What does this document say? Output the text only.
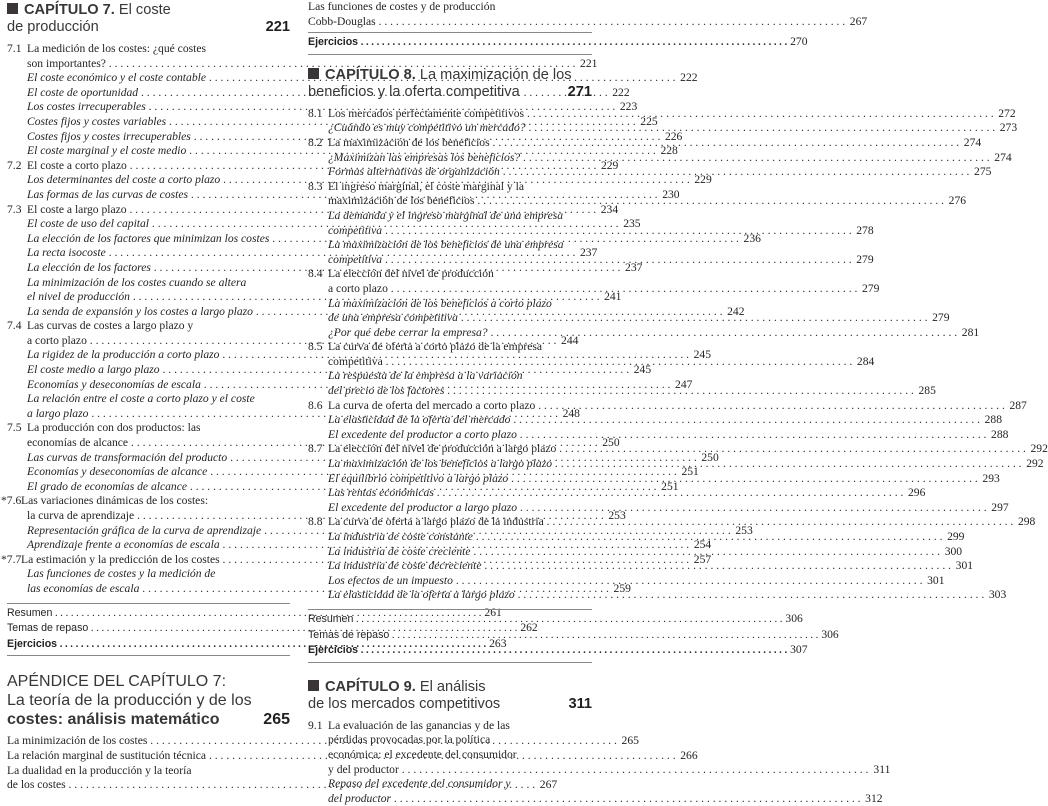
CAPÍTULO 7. El coste
de producción	221
7.1 La medición de los costes: ¿qué costes
son importantes? . . .	221
El coste económico y el coste contable . . .	222
El coste de oportunidad . . .	222
Los costes irrecuperables . . .	223
Costes fijos y costes variables . . .	225
Costes fijos y costes irrecuperables . . .	226
El coste marginal y el coste medio . . .	228
7.2 El coste a corto plazo . . .	229
Los determinantes del coste a corto plazo . . .	229
Las formas de las curvas de costes . . .	230
7.3 El coste a largo plazo . . .	234
El coste de uso del capital . . .	235
La elección de los factores que minimizan los costes . . .	236
La recta isocoste . . .	237
La elección de los factores . . .	237
La minimización de los costes cuando se altera
el nivel de producción . . .	241
La senda de expansión y los costes a largo plazo . . .	242
7.4 Las curvas de costes a largo plazo y
a corto plazo . . .	244
La rigidez de la producción a corto plazo . . .	245
El coste medio a largo plazo . . .	245
Economías y deseconomías de escala . . .	247
La relación entre el coste a corto plazo y el coste
a largo plazo . . .	248
7.5 La producción con dos productos: las
economías de alcance . . .	250
Las curvas de transformación del producto . . .	250
Economías y deseconomías de alcance . . .	251
El grado de economías de alcance . . .	251
*7.6 Las variaciones dinámicas de los costes:
la curva de aprendizaje . . .	253
Representación gráfica de la curva de aprendizaje . . .	253
Aprendizaje frente a economías de escala . . .	254
*7.7 La estimación y la predicción de los costes . . .	257
Las funciones de costes y la medición de
las economías de escala . . .	259
Resumen . . .	261
Temas de repaso . . .	262
Ejercicios . . .	263
APÉNDICE DEL CAPÍTULO 7:
La teoría de la producción y de los
costes: análisis matemático	265
La minimización de los costes . . .	265
La relación marginal de sustitución técnica . . .	266
La dualidad en la producción y la teoría
de los costes . . .	267
Las funciones de costes y de producción
Cobb-Douglas . . .	267
Ejercicios . . .	270
CAPÍTULO 8. La maximización de los
beneficios y la oferta competitiva	271
8.1 Los mercados perfectamente competitivos . . .	272
¿Cuándo es muy competitivo un mercado? . . .	273
8.2 La maximización de los beneficios . . .	274
¿Maximizan las empresas los beneficios? . . .	274
Formas alternativas de organización . . .	275
8.3 El ingreso marginal, el coste marginal y la
maximización de los beneficios . . .	276
La demanda y el ingreso marginal de una empresa
competitiva . . .	278
La maximización de los beneficios de una empresa
competitiva . . .	279
8.4 La elección del nivel de producción
a corto plazo . . .	279
La maximización de los beneficios a corto plazo
de una empresa competitiva . . .	279
¿Por qué debe cerrar la empresa? . . .	281
8.5 La curva de oferta a corto plazo de la empresa
competitiva . . .	284
La respuesta de la empresa a la variación
del precio de los factores . . .	285
8.6 La curva de oferta del mercado a corto plazo . . .	287
La elasticidad de la oferta del mercado . . .	288
El excedente del productor a corto plazo . . .	288
8.7 La elección del nivel de producción a largo plazo . . .	292
La maximización de los beneficios a largo plazo . . .	292
El equilibrio competitivo a largo plazo . . .	293
Las rentas económicas . . .	296
El excedente del productor a largo plazo . . .	297
8.8 La curva de oferta a largo plazo de la industria . . .	298
La industria de coste constante . . .	299
La industria de coste creciente . . .	300
La industria de coste decreciente . . .	301
Los efectos de un impuesto . . .	301
La elasticidad de la oferta a largo plazo . . .	303
Resumen . . .	306
Temas de repaso . . .	306
Ejercicios . . .	307
CAPÍTULO 9. El análisis
de los mercados competitivos	311
9.1 La evaluación de las ganancias y de las
pérdidas provocadas por la política
económica: el excedente del consumidor
y del productor . . .	311
Repaso del excedente del consumidor y
del productor . . .	312
